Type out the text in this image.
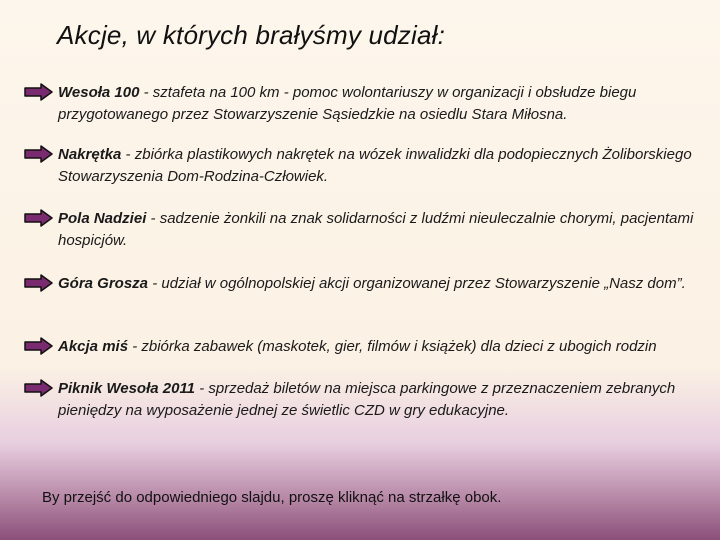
Akcje, w których brałyśmy udział:
Wesoła 100 - sztafeta na 100 km - pomoc wolontariuszy w organizacji i obsłudze biegu przygotowanego przez Stowarzyszenie Sąsiedzkie na osiedlu Stara Miłosna.
Nakrętka - zbiórka plastikowych nakrętek na wózek inwalidzki dla podopiecznych Żoliborskiego Stowarzyszenia Dom-Rodzina-Człowiek.
Pola Nadziei - sadzenie żonkili na znak solidarności z ludźmi nieuleczalnie chorymi, pacjentami hospicjów.
Góra Grosza - udział w ogólnopolskiej akcji organizowanej przez Stowarzyszenie „Nasz dom”.
Akcja miś - zbiórka zabawek (maskotek, gier, filmów i książek) dla dzieci z ubogich rodzin
Piknik Wesoła 2011 - sprzedaż biletów na miejsca parkingowe z przeznaczeniem zebranych pieniędzy na wyposażenie jednej ze świetlic CZD w gry edukacyjne.
By przejść do odpowiedniego slajdu, proszę kliknąć na strzałkę obok.
